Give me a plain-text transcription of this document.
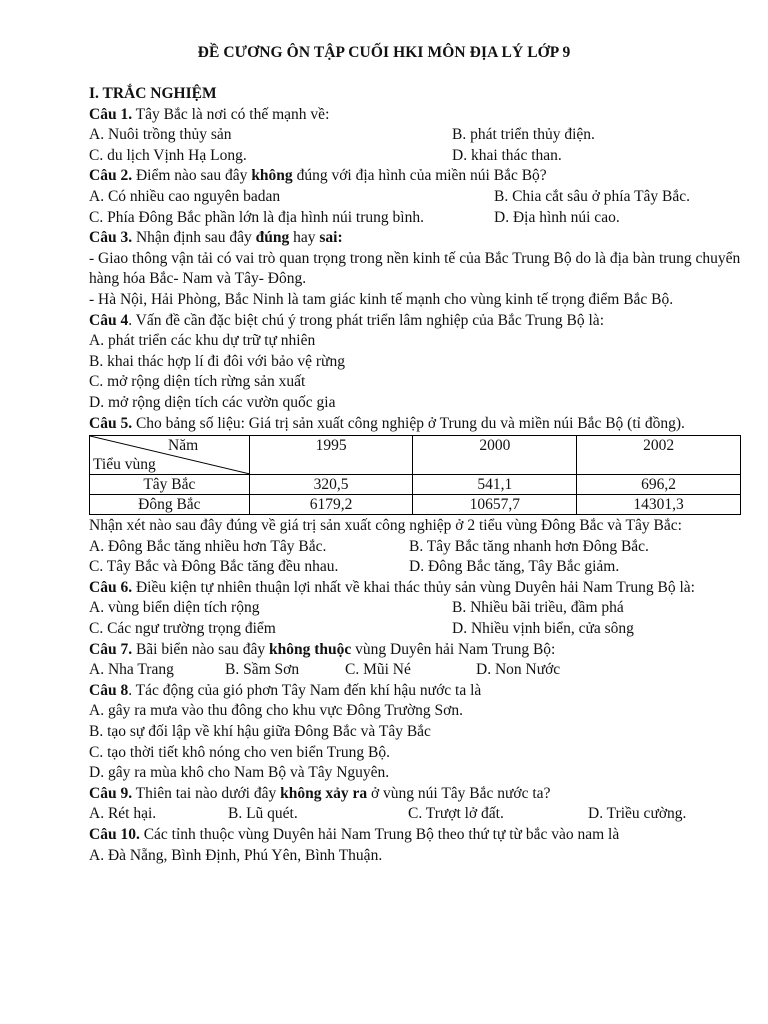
ĐỀ CƯƠNG ÔN TẬP CUỐI HKI MÔN ĐỊA LÝ LỚP 9
I. TRẮC NGHIỆM
Câu 1. Tây Bắc là nơi có thế mạnh về:
A. Nuôi trồng thủy sản	B. phát triển thủy điện.
C. du lịch Vịnh Hạ Long.	D. khai thác than.
Câu 2. Điểm nào sau đây không đúng với địa hình của miền núi Bắc Bộ?
A. Có nhiều cao nguyên badan	B. Chia cắt sâu ở phía Tây Bắc.
C. Phía Đông Bắc phần lớn là địa hình núi trung bình.	D. Địa hình núi cao.
Câu 3. Nhận định sau đây đúng hay sai:
- Giao thông vận tải có vai trò quan trọng trong nền kinh tế của Bắc Trung Bộ do là địa bàn trung chuyển hàng hóa Bắc- Nam và Tây- Đông.
- Hà Nội, Hải Phòng, Bắc Ninh là tam giác kinh tế mạnh cho vùng kinh tế trọng điểm Bắc Bộ.
Câu 4. Vấn đề cần đặc biệt chú ý trong phát triển lâm nghiệp của Bắc Trung Bộ là:
A. phát triển các khu dự trữ tự nhiên
B. khai thác hợp lí đi đôi với bảo vệ rừng
C. mở rộng diện tích rừng sản xuất
D. mở rộng diện tích các vườn quốc gia
Câu 5. Cho bảng số liệu: Giá trị sản xuất công nghiệp ở Trung du và miền núi Bắc Bộ (tỉ đồng).
Năm
Tiểu vùng	1995	2000	2002
Tây Bắc	320,5	541,1	696,2
Đông Bắc	6179,2	10657,7	14301,3
Nhận xét nào sau đây đúng về giá trị sản xuất công nghiệp ở 2 tiểu vùng Đông Bắc và Tây Bắc:
A. Đông Bắc tăng nhiều hơn Tây Bắc.	B. Tây Bắc tăng nhanh hơn Đông Bắc.
C. Tây Bắc và Đông Bắc tăng đều nhau.	D. Đông Bắc tăng, Tây Bắc giảm.
Câu 6. Điều kiện tự nhiên thuận lợi nhất về khai thác thủy sản vùng Duyên hải Nam Trung Bộ là:
A. vùng biển diện tích rộng	B. Nhiều bãi triều, đầm phá
C. Các ngư trường trọng điểm	D. Nhiều vịnh biển, cửa sông
Câu 7. Bãi biển nào sau đây không thuộc vùng Duyên hải Nam Trung Bộ:
A. Nha Trang	B. Sầm Sơn	C. Mũi Né	D. Non Nước
Câu 8. Tác động của gió phơn Tây Nam đến khí hậu nước ta là
A. gây ra mưa vào thu đông cho khu vực Đông Trường Sơn.
B. tạo sự đối lập về khí hậu giữa Đông Bắc và Tây Bắc
C. tạo thời tiết khô nóng cho ven biển Trung Bộ.
D. gây ra mùa khô cho Nam Bộ và Tây Nguyên.
Câu 9. Thiên tai nào dưới đây không xảy ra ở vùng núi Tây Bắc nước ta?
A. Rét hại.	B. Lũ quét.	C. Trượt lở đất.	D. Triều cường.
Câu 10. Các tỉnh thuộc vùng Duyên hải Nam Trung Bộ theo thứ tự từ bắc vào nam là
A. Đà Nẵng, Bình Định, Phú Yên, Bình Thuận.
